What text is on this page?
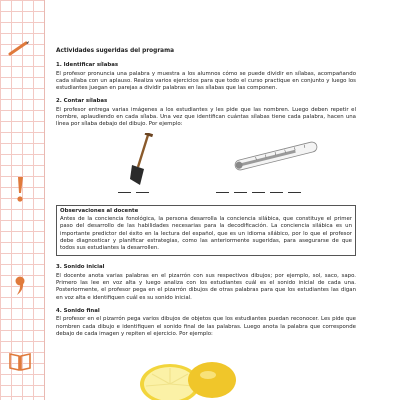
Actividades sugeridas del programa
1. Identificar sílabas

El profesor pronuncia una palabra y muestra a los alumnos cómo se puede dividir en sílabas, acompañando cada sílaba con un aplauso. Realiza varios ejercicios para que todo el curso practique en conjunto y luego los estudiantes juegan en parejas a dividir palabras en las sílabas que las componen.

2. Contar sílabas

El profesor entrega varias imágenes a los estudiantes y les pide que las nombren. Luego deben repetir el nombre, aplaudiendo en cada sílaba. Una vez que identifican cuántas sílabas tiene cada palabra, hacen una línea por sílaba debajo del dibujo. Por ejemplo:

Observaciones al docente

Antes de la conciencia fonológica, la persona desarrolla la conciencia silábica, que constituye el primer paso del desarrollo de las habilidades necesarias para la decodificación. La conciencia silábica es un importante predictor del éxito en la lectura del español, que es un idioma silábico, por lo que el profesor debe diagnosticar y planificar estrategias, como las anteriormente sugeridas, para asegurarse de que todos sus estudiantes la desarrollen.

3. Sonido inicial

El docente anota varias palabras en el pizarrón con sus respectivos dibujos; por ejemplo, sol, saco, sapo. Primero las lee en voz alta y luego analiza con los estudiantes cuál es el sonido inicial de cada una. Posteriormente, el profesor pega en el pizarrón dibujos de otras palabras para que los estudiantes las digan en voz alta e identifiquen cuál es su sonido inicial.

4. Sonido final

El profesor en el pizarrón pega varios dibujos de objetos que los estudiantes puedan reconocer. Les pide que nombren cada dibujo e identifiquen el sonido final de las palabras. Luego anota la palabra que corresponde debajo de cada imagen y repiten el ejercicio. Por ejemplo:
